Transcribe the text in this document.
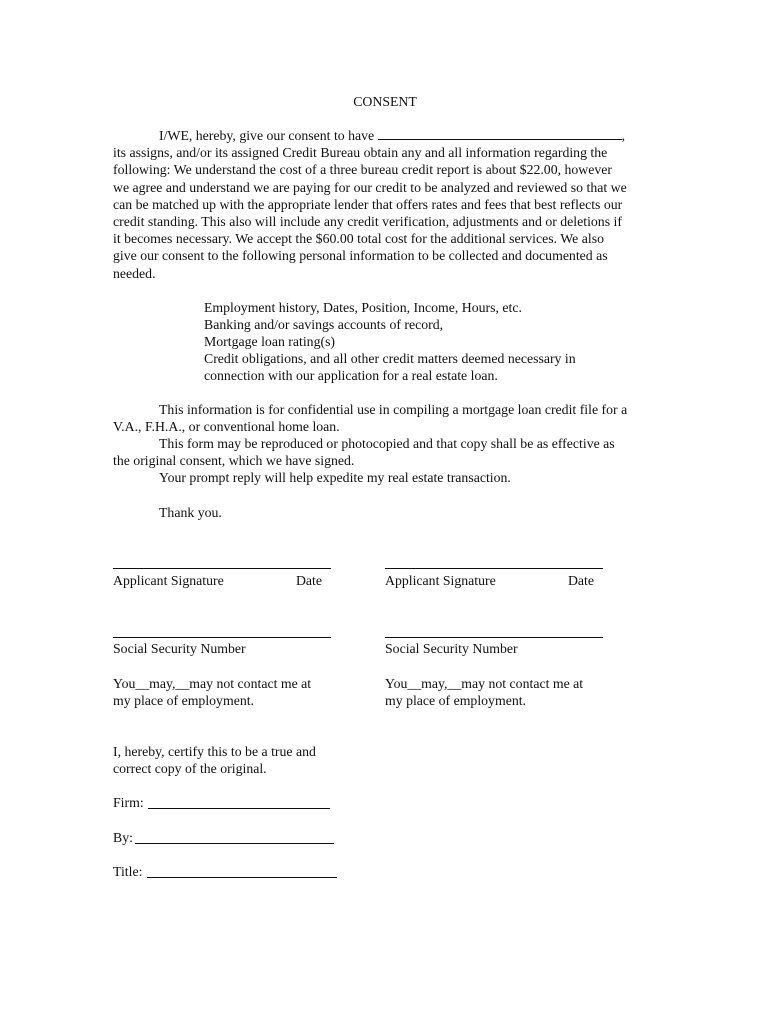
CONSENT
I/WE, hereby, give our consent to have	,
its assigns, and/or its assigned Credit Bureau obtain any and all information regarding the
following: We understand the cost of a three bureau credit report is about $22.00, however
we agree and understand we are paying for our credit to be analyzed and reviewed so that we
can be matched up with the appropriate lender that offers rates and fees that best reflects our
credit standing. This also will include any credit verification, adjustments and or deletions if
it becomes necessary. We accept the $60.00 total cost for the additional services. We also
give our consent to the following personal information to be collected and documented as
needed.
Employment history, Dates, Position, Income, Hours, etc.
Banking and/or savings accounts of record,
Mortgage loan rating(s)
Credit obligations, and all other credit matters deemed necessary in
connection with our application for a real estate loan.
This information is for confidential use in compiling a mortgage loan credit file for a
V.A., F.H.A., or conventional home loan.
This form may be reproduced or photocopied and that copy shall be as effective as
the original consent, which we have signed.
Your prompt reply will help expedite my real estate transaction.
Thank you.
Applicant Signature	Date
Social Security Number
You__may,__may not contact me at
my place of employment.
Applicant Signature	Date
Social Security Number
You__may,__may not contact me at
my place of employment.
I, hereby, certify this to be a true and
correct copy of the original.
Firm:
By:
Title:
